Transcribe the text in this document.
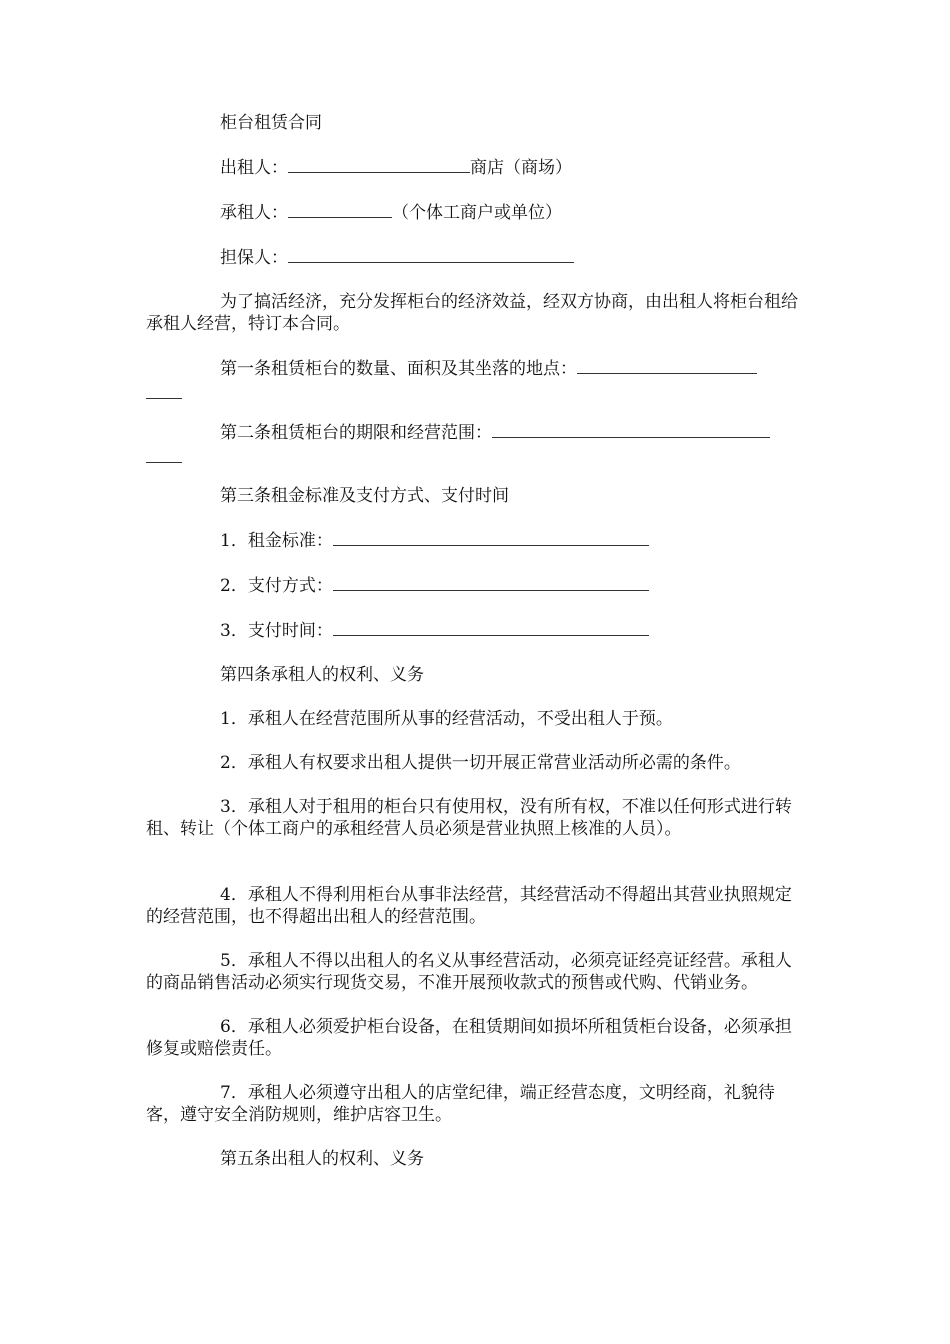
柜台租赁合同

出租人：	商店（商场）

承租人：	（个体工商户或单位）

担保人：

为了搞活经济，充分发挥柜台的经济效益，经双方协商，由出租人将柜台租给承租人经营，特订本合同。

第一条租赁柜台的数量、面积及其坐落的地点：

第二条租赁柜台的期限和经营范围：

第三条租金标准及支付方式、支付时间

1．租金标准：

2．支付方式：

3．支付时间：

第四条承租人的权利、义务

1．承租人在经营范围所从事的经营活动，不受出租人于预。

2．承租人有权要求出租人提供一切开展正常营业活动所必需的条件。

3．承租人对于租用的柜台只有使用权，没有所有权，不准以任何形式进行转租、转让（个体工商户的承租经营人员必须是营业执照上核准的人员）。

4．承租人不得利用柜台从事非法经营，其经营活动不得超出其营业执照规定的经营范围，也不得超出出租人的经营范围。

5．承租人不得以出租人的名义从事经营活动，必须亮证经亮证经营。承租人的商品销售活动必须实行现货交易，不准开展预收款式的预售或代购、代销业务。

6．承租人必须爱护柜台设备，在租赁期间如损坏所租赁柜台设备，必须承担修复或赔偿责任。

7．承租人必须遵守出租人的店堂纪律，端正经营态度，文明经商，礼貌待客，遵守安全消防规则，维护店容卫生。

第五条出租人的权利、义务
